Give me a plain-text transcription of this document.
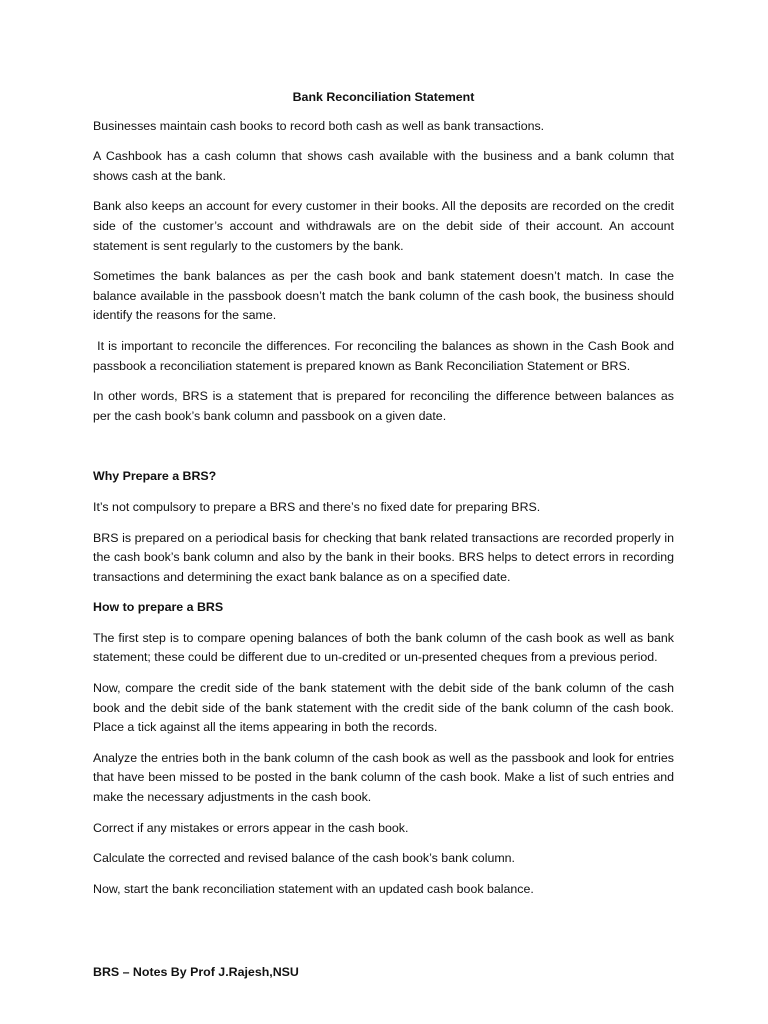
Bank Reconciliation Statement

Businesses maintain cash books to record both cash as well as bank transactions.

A Cashbook has a cash column that shows cash available with the business and a bank column that shows cash at the bank.

Bank also keeps an account for every customer in their books. All the deposits are recorded on the credit side of the customer’s account and withdrawals are on the debit side of their account. An account statement is sent regularly to the customers by the bank.

Sometimes the bank balances as per the cash book and bank statement doesn’t match. In case the balance available in the passbook doesn’t match the bank column of the cash book, the business should identify the reasons for the same.

It is important to reconcile the differences. For reconciling the balances as shown in the Cash Book and passbook a reconciliation statement is prepared known as Bank Reconciliation Statement or BRS.

In other words, BRS is a statement that is prepared for reconciling the difference between balances as per the cash book’s bank column and passbook on a given date.

Why Prepare a BRS?

It’s not compulsory to prepare a BRS and there’s no fixed date for preparing BRS.

BRS is prepared on a periodical basis for checking that bank related transactions are recorded properly in the cash book’s bank column and also by the bank in their books. BRS helps to detect errors in recording transactions and determining the exact bank balance as on a specified date.

How to prepare a BRS

The first step is to compare opening balances of both the bank column of the cash book as well as bank statement; these could be different due to un-credited or un-presented cheques from a previous period.

Now, compare the credit side of the bank statement with the debit side of the bank column of the cash book and the debit side of the bank statement with the credit side of the bank column of the cash book. Place a tick against all the items appearing in both the records.

Analyze the entries both in the bank column of the cash book as well as the passbook and look for entries that have been missed to be posted in the bank column of the cash book. Make a list of such entries and make the necessary adjustments in the cash book.

Correct if any mistakes or errors appear in the cash book.

Calculate the corrected and revised balance of the cash book’s bank column.

Now, start the bank reconciliation statement with an updated cash book balance.

BRS – Notes By Prof J.Rajesh,NSU
